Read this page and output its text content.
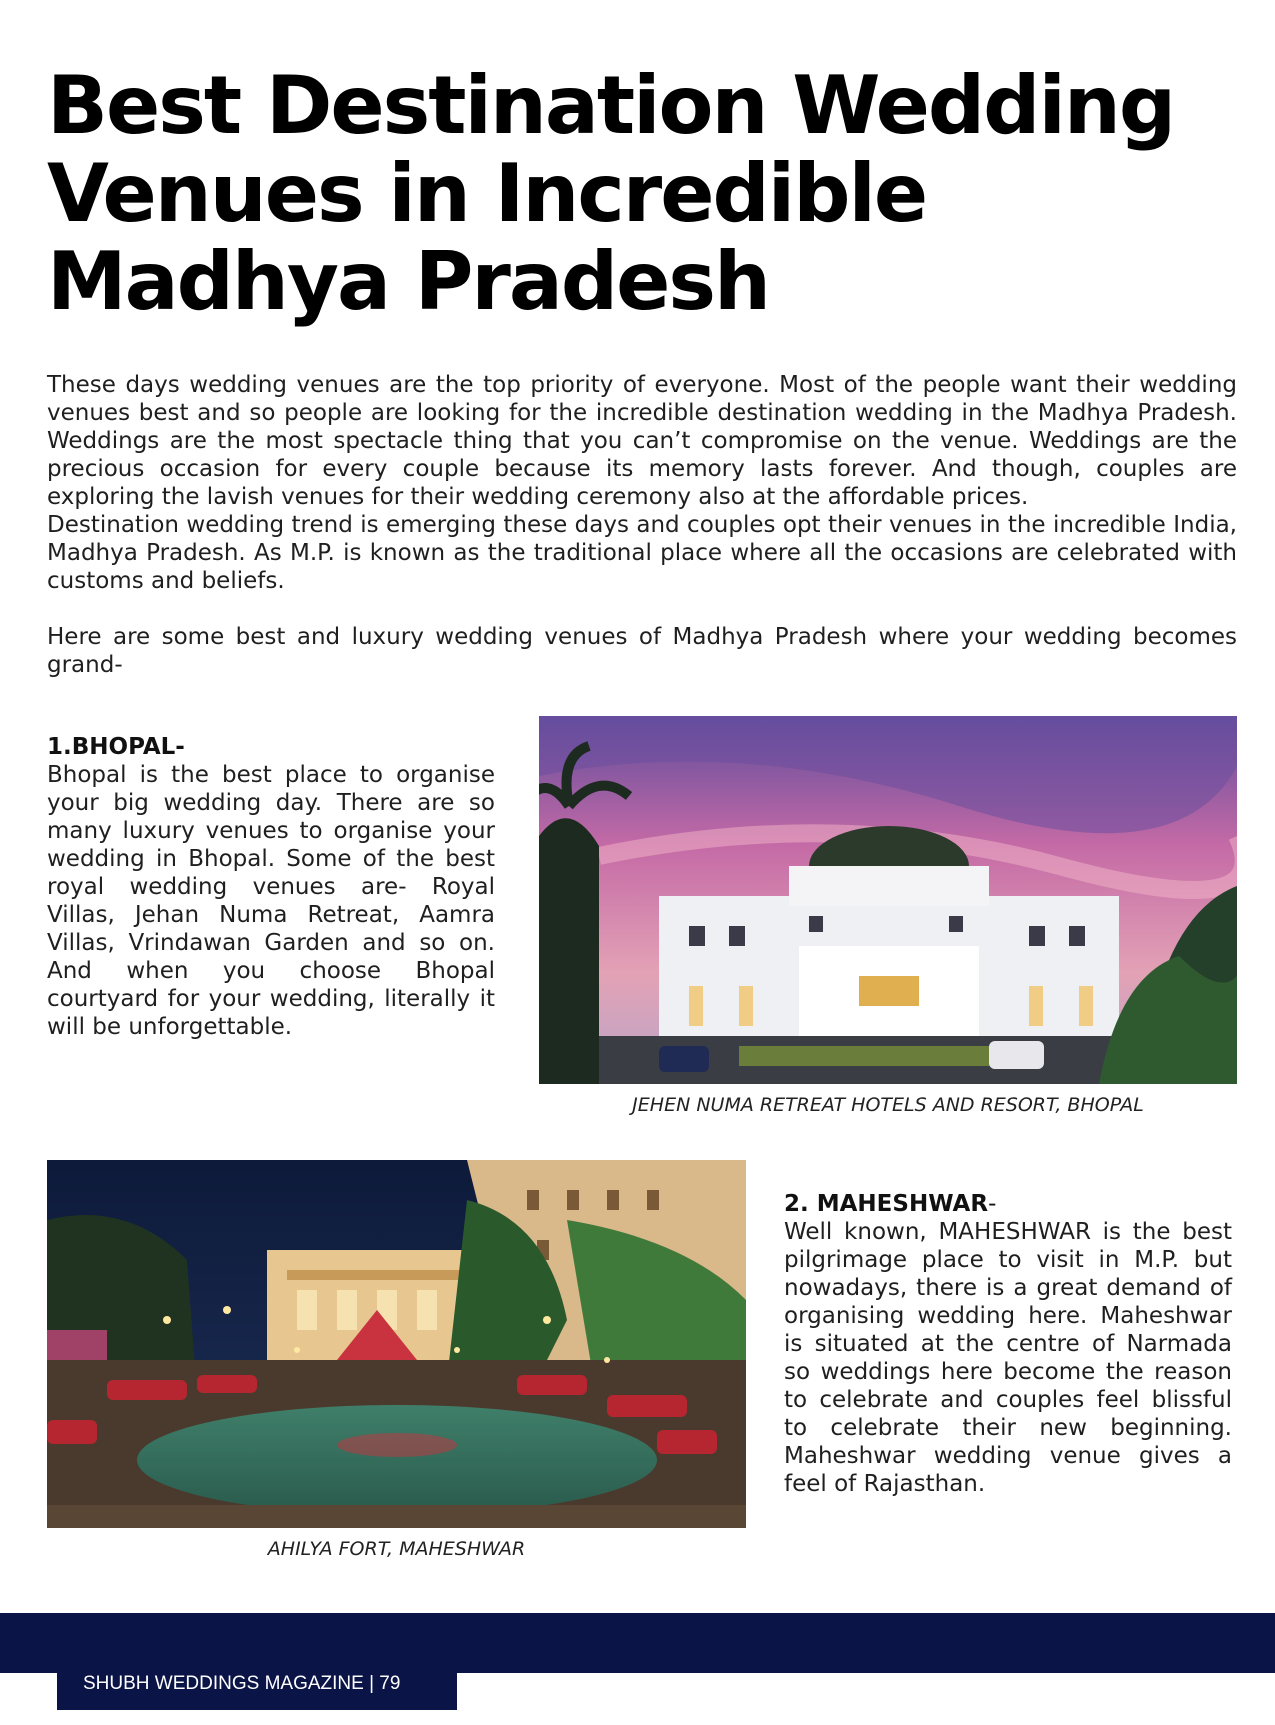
Best Destination Wedding Venues in Incredible Madhya Pradesh

These days wedding venues are the top priority of everyone. Most of the people want their wedding venues best and so people are looking for the incredible destination wedding in the Madhya Pradesh. Weddings are the most spectacle thing that you can’t compromise on the venue. Weddings are the precious occasion for every couple because its memory lasts forever. And though, couples are exploring the lavish venues for their wedding ceremony also at the affordable prices.

Destination wedding trend is emerging these days and couples opt their venues in the incredible India, Madhya Pradesh. As M.P. is known as the traditional place where all the occasions are celebrated with customs and beliefs.

Here are some best and luxury wedding venues of Madhya Pradesh where your wedding becomes grand-

1.BHOPAL-

Bhopal is the best place to organise your big wedding day. There are so many luxury venues to organise your wedding in Bhopal. Some of the best royal wedding venues are- Royal Villas, Jehan Numa Retreat, Aamra Villas, Vrindawan Garden and so on. And when you choose Bhopal courtyard for your wedding, literally it will be unforgettable.

JEHEN NUMA RETREAT HOTELS AND RESORT, BHOPAL
AHILYA FORT, MAHESHWAR
2. MAHESHWAR-

Well known, MAHESHWAR is the best pilgrimage place to visit in M.P. but nowadays, there is a great demand of organising wedding here. Maheshwar is situated at the centre of Narmada so weddings here become the reason to celebrate and couples feel blissful to celebrate their new beginning. Maheshwar wedding venue gives a feel of Rajasthan.

SHUBH WEDDINGS MAGAZINE | 79
